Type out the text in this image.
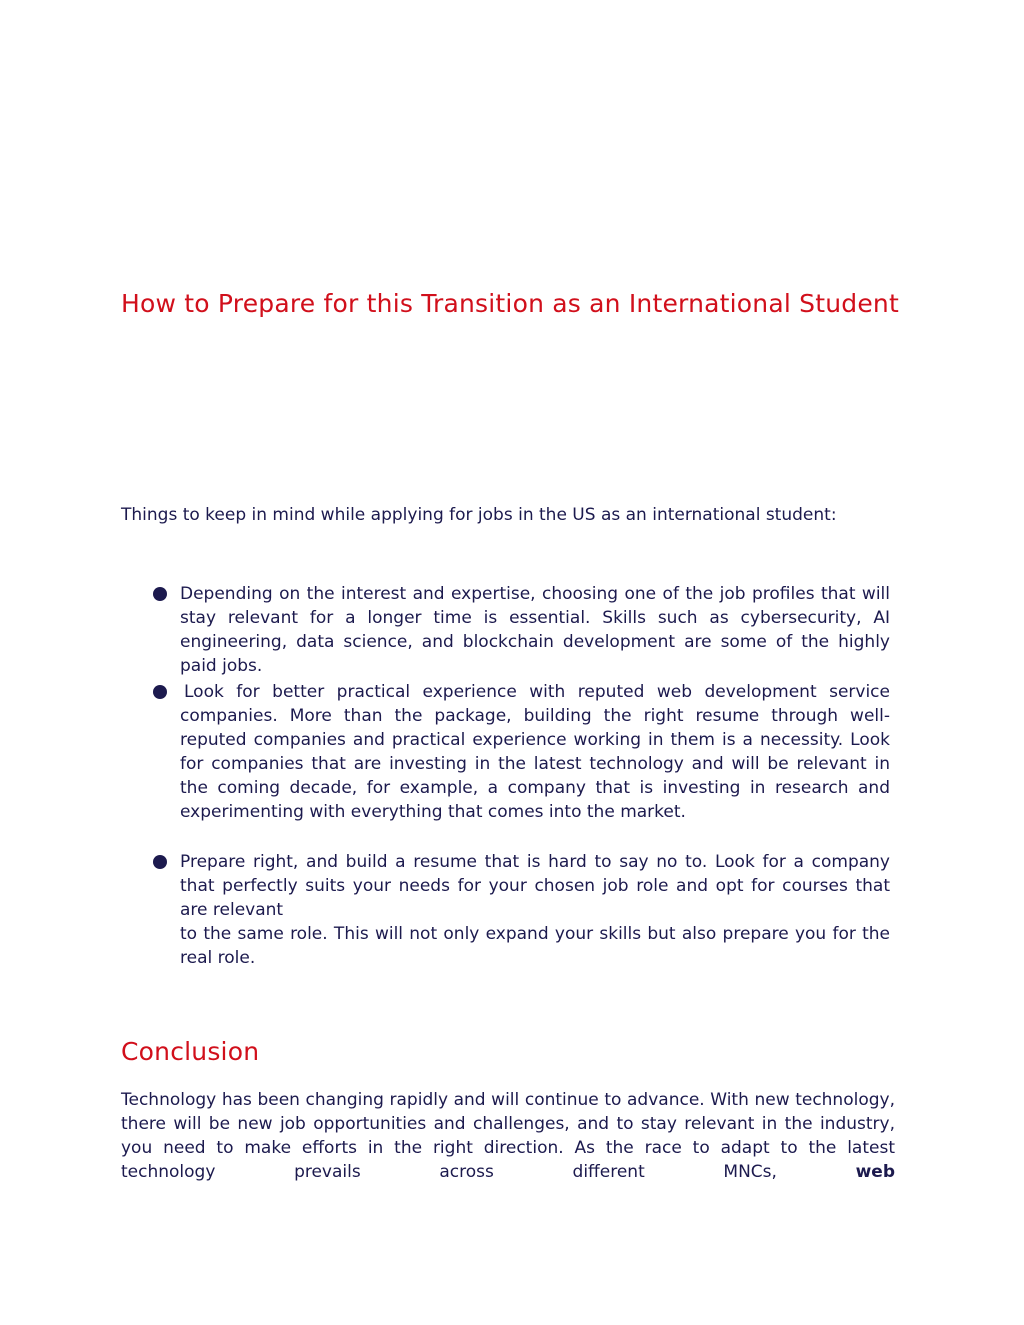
How to Prepare for this Transition as an International Student

Things to keep in mind while applying for jobs in the US as an international student:

Depending on the interest and expertise, choosing one of the job profiles that will stay relevant for a longer time is essential. Skills such as cybersecurity, AI engineering, data science, and blockchain development are some of the highly paid jobs.
Look for better practical experience with reputed web development service companies. More than the package, building the right resume through well-reputed companies and practical experience working in them is a necessity. Look for companies that are investing in the latest technology and will be relevant in the coming decade, for example, a company that is investing in research and experimenting with everything that comes into the market.
Prepare right, and build a resume that is hard to say no to. Look for a company that perfectly suits your needs for your chosen job role and opt for courses that are relevant
to the same role. This will not only expand your skills but also prepare you for the real role.
Conclusion

Technology has been changing rapidly and will continue to advance. With new technology, there will be new job opportunities and challenges, and to stay relevant in the industry, you need to make efforts in the right direction. As the race to adapt to the latest technology prevails across different MNCs,	web
